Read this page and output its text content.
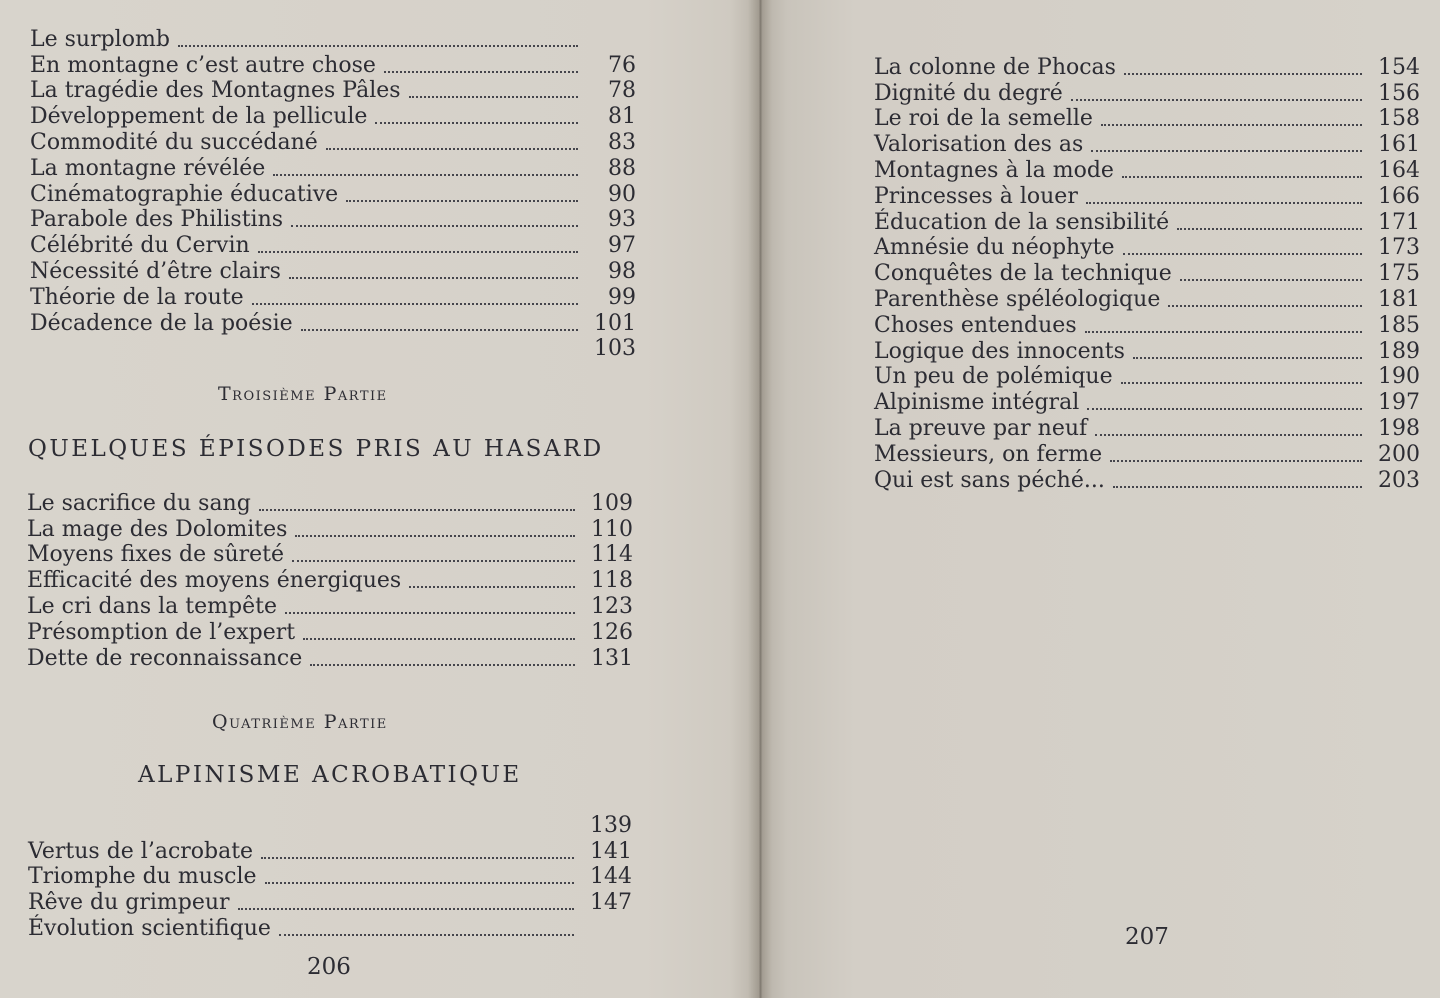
Le surplomb
En montagne c’est autre chose	76
La tragédie des Montagnes Pâles	78
Développement de la pellicule	81
Commodité du succédané	83
La montagne révélée	88
Cinématographie éducative	90
Parabole des Philistins	93
Célébrité du Cervin	97
Nécessité d’être clairs	98
Théorie de la route	99
Décadence de la poésie	101
103
Troisième Partie
QUELQUES ÉPISODES PRIS AU HASARD
Le sacrifice du sang	109
La mage des Dolomites	110
Moyens fixes de sûreté	114
Efficacité des moyens énergiques	118
Le cri dans la tempête	123
Présomption de l’expert	126
Dette de reconnaissance	131
Quatrième Partie
ALPINISME ACROBATIQUE
139
Vertus de l’acrobate	141
Triomphe du muscle	144
Rêve du grimpeur	147
Évolution scientifique
206
La colonne de Phocas	154
Dignité du degré	156
Le roi de la semelle	158
Valorisation des as	161
Montagnes à la mode	164
Princesses à louer	166
Éducation de la sensibilité	171
Amnésie du néophyte	173
Conquêtes de la technique	175
Parenthèse spéléologique	181
Choses entendues	185
Logique des innocents	189
Un peu de polémique	190
Alpinisme intégral	197
La preuve par neuf	198
Messieurs, on ferme	200
Qui est sans péché...	203
207
